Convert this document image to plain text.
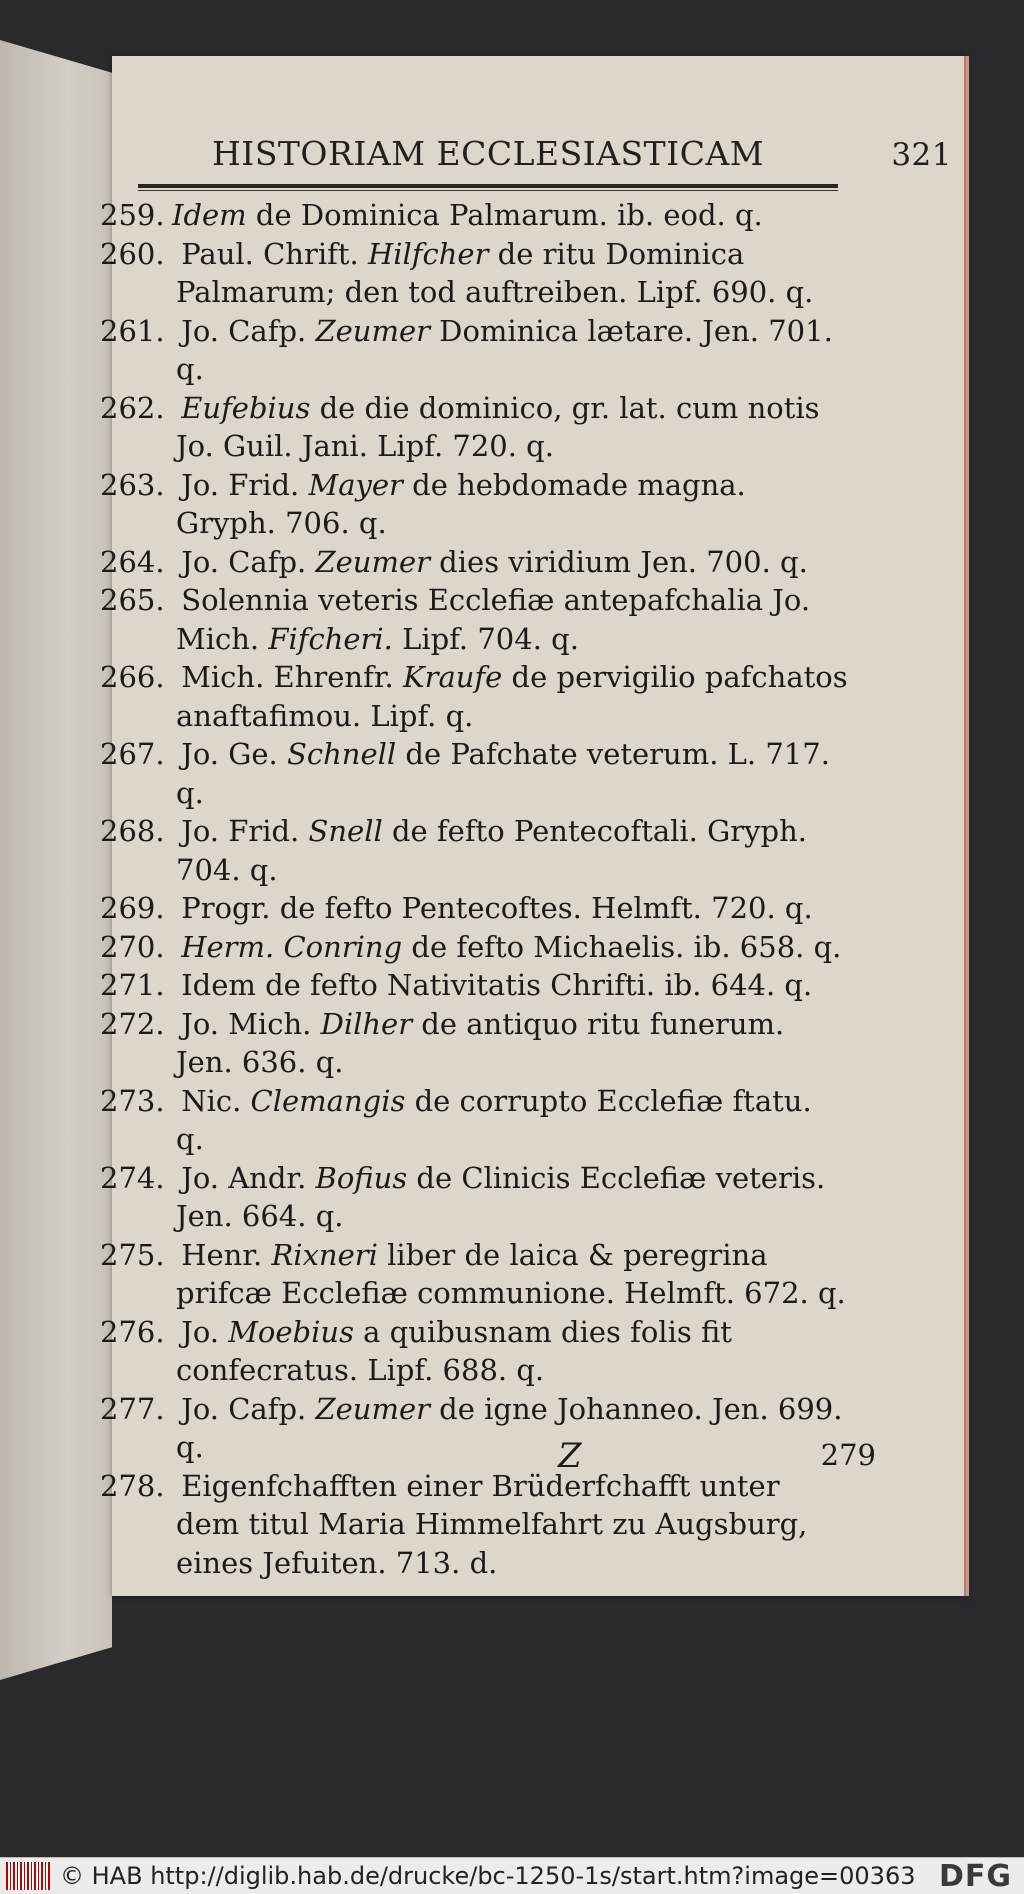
HISTORIAM ECCLESIASTICAM	321
259. Idem de Dominica Palmarum. ib. eod. q.
260. Paul. Chrift. Hilfcher de ritu Dominica Palmarum; den tod auftreiben. Lipf. 690. q.
261. Jo. Cafp. Zeumer Dominica lætare. Jen. 701. q.
262. Eufebius de die dominico, gr. lat. cum notis Jo. Guil. Jani. Lipf. 720. q.
263. Jo. Frid. Mayer de hebdomade magna. Gryph. 706. q.
264. Jo. Cafp. Zeumer dies viridium Jen. 700. q.
265. Solennia veteris Ecclefiæ antepafchalia Jo. Mich. Fifcheri. Lipf. 704. q.
266. Mich. Ehrenfr. Kraufe de pervigilio pafchatos anaftafimou. Lipf. q.
267. Jo. Ge. Schnell de Pafchate veterum. L. 717. q.
268. Jo. Frid. Snell de fefto Pentecoftali. Gryph. 704. q.
269. Progr. de fefto Pentecoftes. Helmft. 720. q.
270. Herm. Conring de fefto Michaelis. ib. 658. q.
271. Idem de fefto Nativitatis Chrifti. ib. 644. q.
272. Jo. Mich. Dilher de antiquo ritu funerum. Jen. 636. q.
273. Nic. Clemangis de corrupto Ecclefiæ ftatu. q.
274. Jo. Andr. Bofius de Clinicis Ecclefiæ veteris. Jen. 664. q.
275. Henr. Rixneri liber de laica & peregrina prifcæ Ecclefiæ communione. Helmft. 672. q.
276. Jo. Moebius a quibusnam dies folis fit confecratus. Lipf. 688. q.
277. Jo. Cafp. Zeumer de igne Johanneo. Jen. 699. q.
278. Eigenfchafften einer Brüderfchafft unter dem titul Maria Himmelfahrt zu Augsburg, eines Jefuiten. 713. d.
Z	279
© HAB http://diglib.hab.de/drucke/bc-1250-1s/start.htm?image=00363 DFG
